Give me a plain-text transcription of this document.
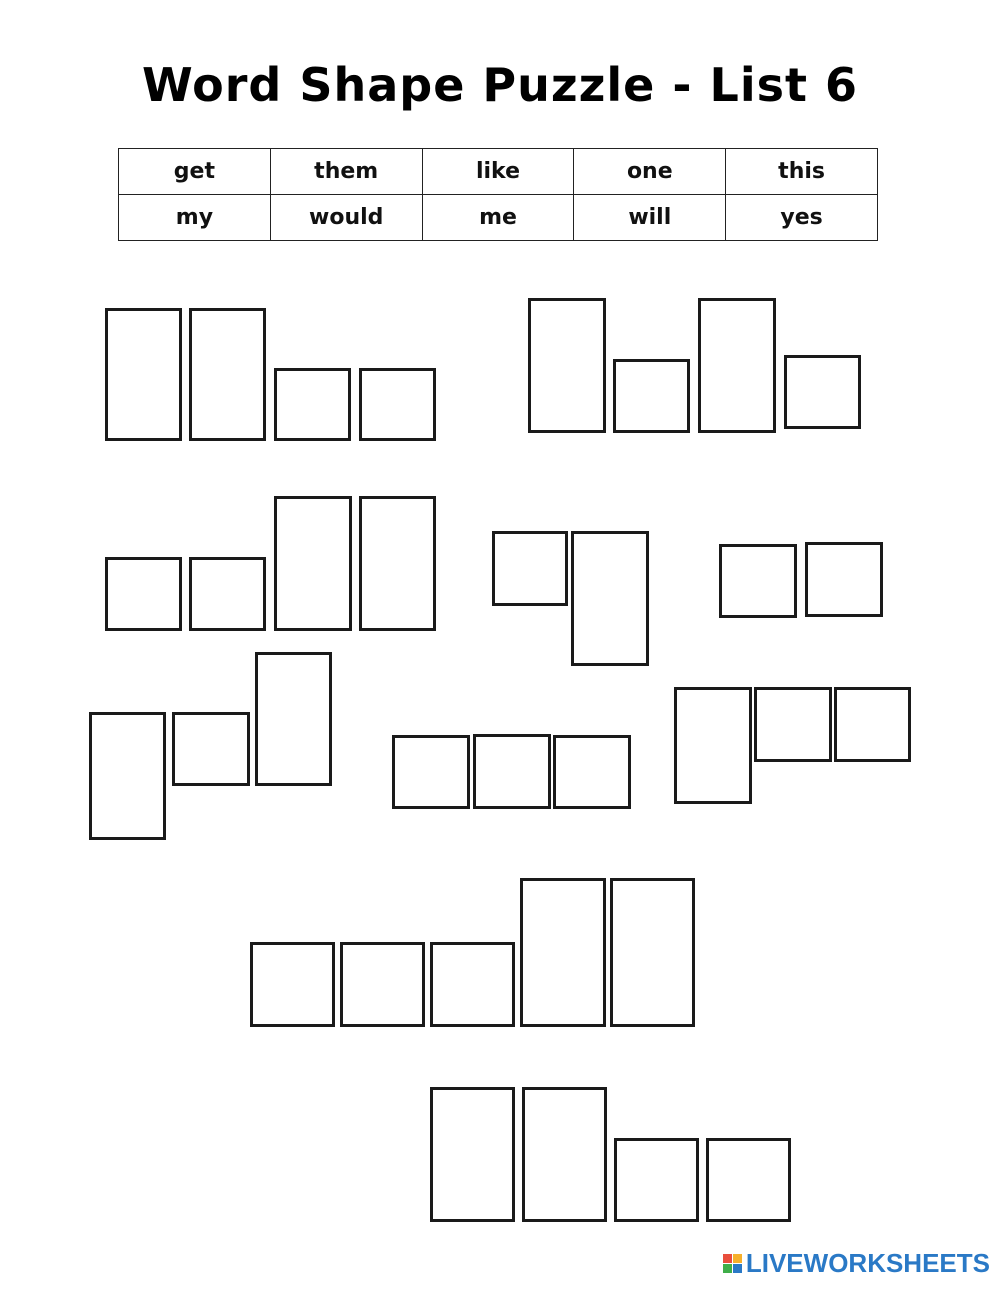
Word Shape Puzzle - List 6
get	them	like	one	this
my	would	me	will	yes
LIVEWORKSHEETS
